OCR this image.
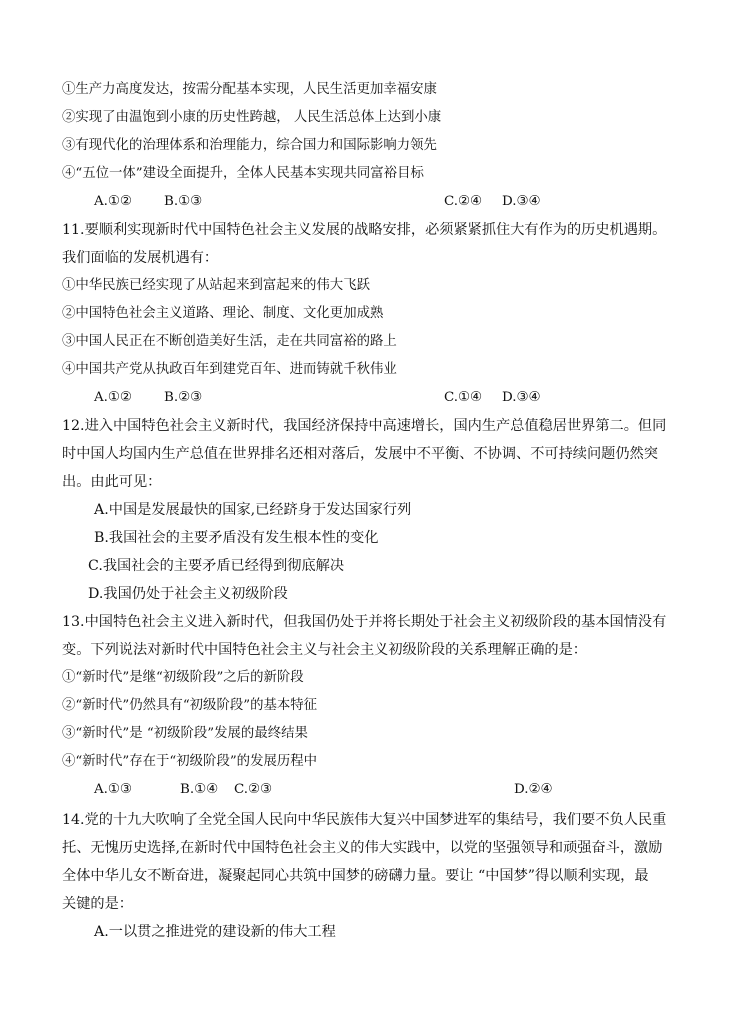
①生产力高度发达，按需分配基本实现，人民生活更加幸福安康
②实现了由温饱到小康的历史性跨越， 人民生活总体上达到小康
③有现代化的治理体系和治理能力，综合国力和国际影响力领先
④“五位一体”建设全面提升，全体人民基本实现共同富裕目标
A.①② B.①③	C.②④ D.③④
11.要顺利实现新时代中国特色社会主义发展的战略安排，必须紧紧抓住大有作为的历史机遇期。
我们面临的发展机遇有：
①中华民族已经实现了从站起来到富起来的伟大飞跃
②中国特色社会主义道路、理论、制度、文化更加成熟
③中国人民正在不断创造美好生活，走在共同富裕的路上
④中国共产党从执政百年到建党百年、进而铸就千秋伟业
A.①② B.②③	C.①④ D.③④
12.进入中国特色社会主义新时代，我国经济保持中高速增长，国内生产总值稳居世界第二。但同
时中国人均国内生产总值在世界排名还相对落后，发展中不平衡、不协调、不可持续问题仍然突
出。由此可见：
A.中国是发展最快的国家,已经跻身于发达国家行列
B.我国社会的主要矛盾没有发生根本性的变化
C.我国社会的主要矛盾已经得到彻底解决
D.我国仍处于社会主义初级阶段
13.中国特色社会主义进入新时代，但我国仍处于并将长期处于社会主义初级阶段的基本国情没有
变。下列说法对新时代中国特色社会主义与社会主义初级阶段的关系理解正确的是：
①“新时代”是继“初级阶段”之后的新阶段
②“新时代”仍然具有“初级阶段”的基本特征
③“新时代”是 “初级阶段”发展的最终结果
④“新时代”存在于“初级阶段”的发展历程中
A.①③	B.①④ C.②③	D.②④
14.党的十九大吹响了全党全国人民向中华民族伟大复兴中国梦进军的集结号，我们要不负人民重
托、无愧历史选择,在新时代中国特色社会主义的伟大实践中，以党的坚强领导和顽强奋斗，激励
全体中华儿女不断奋进，凝聚起同心共筑中国梦的磅礴力量。要让 “中国梦”得以顺利实现，最
关键的是：
A.一以贯之推进党的建设新的伟大工程
